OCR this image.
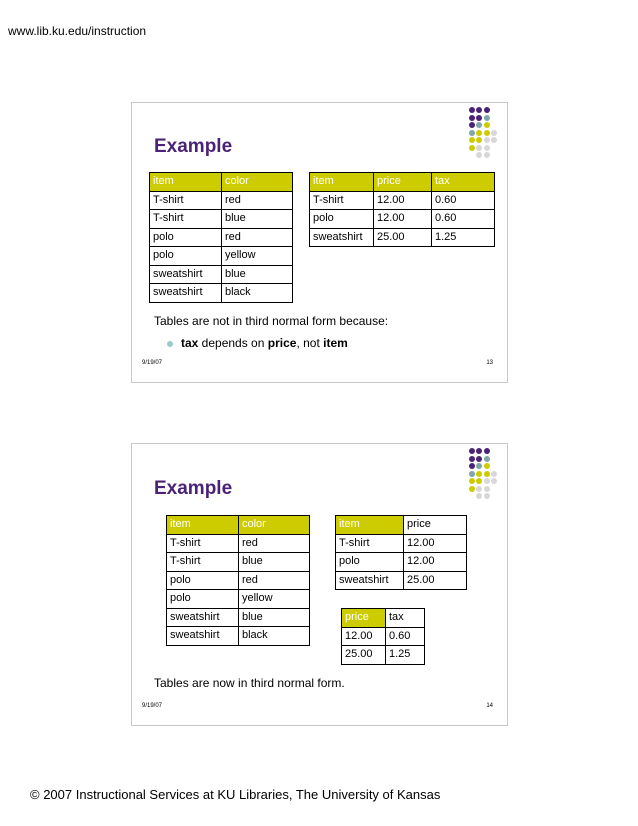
www.lib.ku.edu/instruction
Example
item	color
T-shirt	red
T-shirt	blue
polo	red
polo	yellow
sweatshirt	blue
sweatshirt	black
item	price	tax
T-shirt	12.00	0.60
polo	12.00	0.60
sweatshirt	25.00	1.25
Tables are not in third normal form because:
tax depends on price, not item
9/19/07	13
Example
item	color
T-shirt	red
T-shirt	blue
polo	red
polo	yellow
sweatshirt	blue
sweatshirt	black
item	price
T-shirt	12.00
polo	12.00
sweatshirt	25.00
price	tax
12.00	0.60
25.00	1.25
Tables are now in third normal form.
9/19/07	14
© 2007 Instructional Services at KU Libraries, The University of Kansas
